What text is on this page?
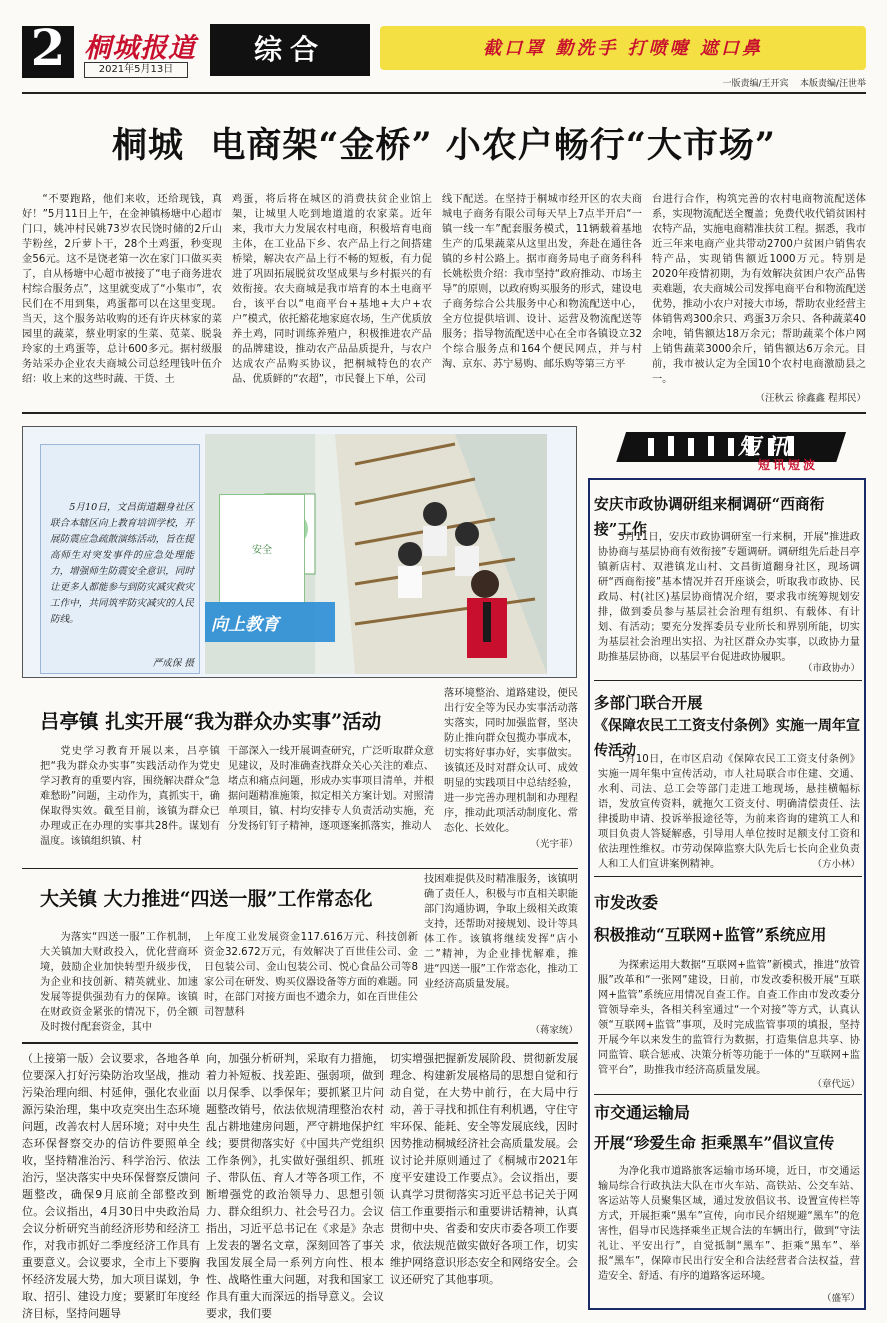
2 桐城报道
2021年5月13日
综合	截口罩 勤洗手 打喷嚏 遮口鼻
一版责编/王开宾    本版责编/汪世举
桐城  电商架“金桥” 小农户畅行“大市场”
“不要跑路，他们来收，还给现钱，真好！”5月11日上午，在金神镇杨塘中心超市门口，姚冲村民姚73岁农民饶时储的2斤山芋粉丝，2斤萝卜干，28个土鸡蛋，秒变现金56元。这不是饶老第一次在家门口做买卖了，自从杨塘中心超市被接了“电子商务进农村综合服务点”，这里就变成了“小集市”，农民们在不用到集，鸡蛋都可以在这里变现。当天，这个服务站收购的还有许庆林家的菜园里的蔬菜，蔡业明家的生菜、苋菜、脱袅玲家的土鸡蛋等，总计600多元。据村级服务站采办企业农夫商城公司总经理钱叶伍介绍：收上来的这些时蔬、干货、土
鸡蛋，将后将在城区的消费扶贫企业馆上架，让城里人吃到地道道的农家菜。近年来，我市大力发展农村电商，积极培育电商主体，在工业品下乡、农产品上行之间搭建桥梁，解决农产品上行不畅的短板，有力促进了巩固拓展脱贫攻坚成果与乡村振兴的有效衔接。农夫商城是我市培育的本土电商平台，该平台以“电商平台+基地+大户+农户”模式，依托豁花地家庭农场，生产优质放养土鸡，同时训练养殖户，积极推进农产品的品牌建设，推动农产品品质提升，与农户达成农产品购买协议，把桐城特色的农产品、优质鲜的“农超”，市民餐上下单，公司
线下配送。在坚持于桐城市经开区的农夫商城电子商务有限公司每天早上7点半开启“一镇一线一车”配套服务模式，11辆载着基地生产的瓜果蔬菜从这里出发，奔赴在通往各镇的乡村公路上。据市商务局电子商务科科长姚松贵介绍：我市坚持“政府推动、市场主导”的原则，以政府购买服务的形式，建设电子商务综合公共服务中心和物流配送中心，全方位提供培训、设计、运营及物流配送等服务；指导物流配送中心在全市各镇设立32个综合服务点和164个便民网点，并与村淘、京东、苏宁易购、邮乐购等第三方平
台进行合作，构筑完善的农村电商物流配送体系，实现物流配送全覆盖；免费代收代销贫困村农特产品，实施电商精准扶贫工程。据悉，我市近三年来电商产业共带动2700户贫困户销售农特产品，实现销售额近1000万元。特别是2020年疫情初期，为有效解决贫困户农产品售卖难题，农夫商城公司发挥电商平台和物流配送优势，推动小农户对接大市场，帮助农业经营主体销售鸡300余只、鸡蛋3万余只、各种蔬菜40余吨，销售额达18万余元；帮助蔬菜个体户网上销售蔬菜3000余斤，销售额达6万余元。目前，我市被认定为全国10个农村电商激励县之一。
（汪秋云 徐鑫鑫 程邦民）
5月10日，文昌街道翻身社区联合本辖区向上教育培训学校，开展防震应急疏散演练活动，旨在提高师生对突发事件的应急处理能力，增强师生防震安全意识，同时让更多人都能参与到防灾减灾救灾工作中，共同筑牢防灾减灾的人民防线。
严成保 摄
安全
向上教育
短讯
短讯短波
安庆市政协调研组来桐调研“西商衔接”工作
5月11日，安庆市政协调研室一行来桐，开展“推进政协协商与基层协商有效衔接”专题调研。调研组先后赴吕亭镇新店村、双港镇龙山村、文昌街道翻身社区，现场调研“西商衔接”基本情况并召开座谈会，听取我市政协、民政局、村(社区)基层协商情况介绍，要求我市统筹规划安排，做到委员参与基层社会治理有组织、有载体、有计划、有活动；要充分发挥委员专业所长和界别所能，切实为基层社会治理出实招、为社区群众办实事，以政协力量助推基层协商，以基层平台促进政协履职。
（市政协办）
多部门联合开展
《保障农民工工资支付条例》实施一周年宣传活动
5月10日，在市区启动《保障农民工工资支付条例》实施一周年集中宣传活动，市人社局联合市住建、交通、水利、司法、总工会等部门走进工地现场，悬挂横幅标语，发放宣传资料，就拖欠工资支付、明确清偿责任、法律援助申请、投诉举报途径等，为前来咨询的建筑工人和项目负责人答疑解惑，引导用人单位按时足额支付工资和依法理性维权。市劳动保障监察大队先后七长向企业负责人和工人们宣讲案例精神。	（方小林）
市发改委
积极推动“互联网+监管”系统应用
为探索运用大数据“互联网+监管”新模式，推进“放管服”改革和“一张网”建设，日前，市发改委积极开展“互联网+监管”系统应用情况自查工作。自查工作由市发改委分管领导牵头，各相关科室通过“一个对接”等方式，认真认领“互联网+监管”事项，及时完成监管事项的填报，坚持开展今年以来发生的监管行为数据，打造集信息共享、协同监管、联合惩戒、决策分析等功能于一体的“互联网+监管平台”，助推我市经济高质量发展。
（章代远）
市交通运输局
开展“珍爱生命 拒乘黑车”倡议宣传
为净化我市道路旅客运输市场环境，近日，市交通运输局综合行政执法大队在市火车站、高铁站、公交车站、客运站等人员聚集区域，通过发放倡议书、设置宣传栏等方式，开展拒乘“黑车”宣传，向市民介绍规避“黑车”的危害性，倡导市民选择乘坐正规合法的车辆出行，做到“守法礼让、平安出行”，自觉抵制“黑车”、拒乘“黑车”、举报“黑车”，保障市民出行安全和合法经营者合法权益，营造安全、舒适、有序的道路客运环境。
（盛军）
吕亭镇 扎实开展“我为群众办实事”活动
落环境整治、道路建设，便民出行安全等为民办实事活动落实落实，同时加强监督，坚决防止推向群众包揽办事成本，切实将好事办好，实事做实。该镇还及时对群众认可、成效明显的实践项目中总结经验，进一步完善办理机制和办理程序，推动此项活动制度化、常态化、长效化。
党史学习教育开展以来，吕亭镇把“我为群众办实事”实践活动作为党史学习教育的重要内容，围绕解决群众“急难愁盼”问题，主动作为，真抓实干，确保取得实效。截至目前，该镇为群众已办理或正在办理的实事共28件。谋划有温度。该镇组织镇、村
干部深入一线开展调查研究，广泛听取群众意见建议，及时准确查找群众关心关注的难点、堵点和痛点问题，形成办实事项目清单，并根据问题精准施策，拟定相关方案计划。对照清单项目，镇、村均安排专人负责活动实施，充分发扬钉钉子精神，逐项逐案抓落实，推动人
（光宇菲）
大关镇 大力推进“四送一服”工作常态化
技困难提供及时精准服务，该镇明确了责任人，积极与市直相关职能部门沟通协调，争取上级相关政策支持，还帮助对接规划、设计等具体工作。该镇将继续发挥“店小二”精神，为企业排忧解难，推进“四送一服”工作常态化，推动工业经济高质量发展。
为落实“四送一服”工作机制，大关镇加大财政投入，优化营商环境，鼓励企业加快转型升级步伐，为企业和技创新、精英就业、加速发展等提供强劲有力的保障。该镇在财政资金紧张的情况下，仍全额及时拨付配套资金，其中
上年度工业发展资金117.616万元、科技创新资金32.672万元，有效解决了百世佳公司、金日包装公司、金山包装公司、悦心食品公司等8家公司在研发、购买仪器设备等方面的难题。同时，在部门对接方面也不遗余力，如在百世佳公司智慧科
（蒋家统）
（上接第一版）会议要求，各地各单位要深入打好污染防治攻坚战，推动污染治理向细、村延伸，强化农业面源污染治理，集中攻克突出生态环境问题，改善农村人居环境；对中央生态环保督察交办的信访件要照单全收，坚持精准治污、科学治污、依法治污，坚决落实中央环保督察反馈问题整改，确保9月底前全部整改到位。会议指出，4月30日中央政治局会议分析研究当前经济形势和经济工作，对我市抓好二季度经济工作具有重要意义。会议要求，全市上下要胸怀经济发展大势，加大项目谋划，争取、招引、建设力度；要紧盯年度经济目标，坚持问题导
向，加强分析研判，采取有力措施，着力补短板、找差距、强弱项，做到以月保季、以季保年；要抓紧卫片问题整改销号，依法依规清理整治农村乱占耕地建房问题，严守耕地保护红线；要贯彻落实好《中国共产党组织工作条例》，扎实做好强组织、抓班子、带队伍、育人才等各项工作，不断增强党的政治领导力、思想引领力、群众组织力、社会号召力。会议指出，习近平总书记在《求是》杂志上发表的署名文章，深刻回答了事关我国发展全局一系列方向性、根本性、战略性重大问题，对我和国家工作具有重大而深远的指导意义。会议要求，我们要
切实增强把握新发展阶段、贯彻新发展理念、构建新发展格局的思想自觉和行动自觉，在大势中前行，在大局中行动，善于寻找和抓住有利机遇，守住守牢环保、能耗、安全等发展底线，因时因势推动桐城经济社会高质量发展。会议讨论并原则通过了《桐城市2021年度平安建设工作要点》。会议指出，要认真学习贯彻落实习近平总书记关于网信工作重要指示和重要讲话精神，认真贯彻中央、省委和安庆市委各项工作要求，依法规范做实做好各项工作，切实维护网络意识形态安全和网络安全。会议还研究了其他事项。
